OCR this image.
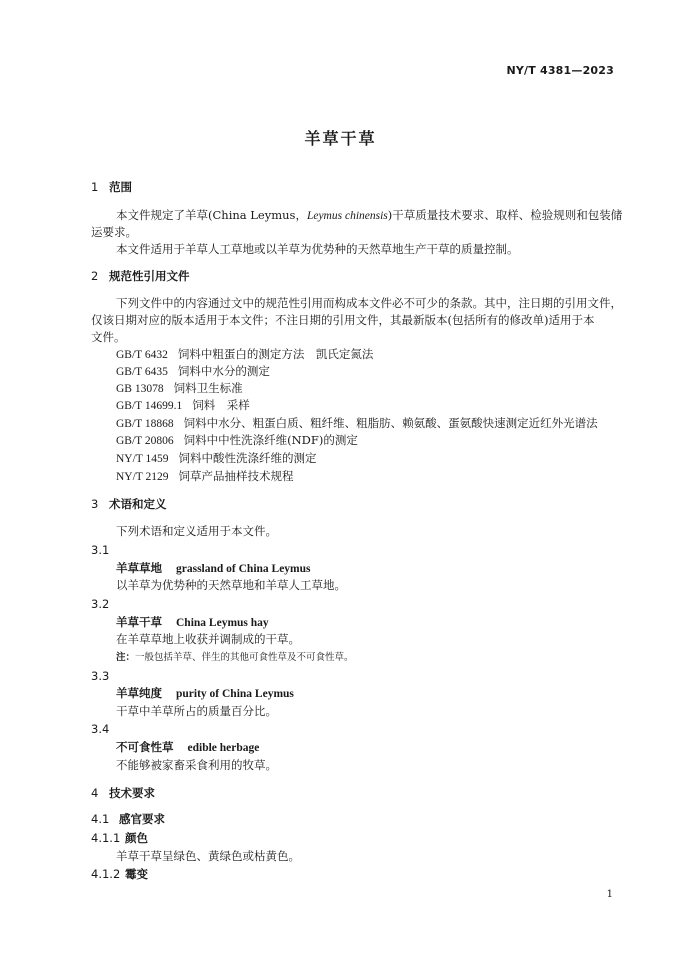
NY/T 4381—2023
羊草干草
1 范围
本文件规定了羊草(China Leymus，Leymus chinensis)干草质量技术要求、取样、检验规则和包装储
运要求。
本文件适用于羊草人工草地或以羊草为优势种的天然草地生产干草的质量控制。
2 规范性引用文件
下列文件中的内容通过文中的规范性引用而构成本文件必不可少的条款。其中，注日期的引用文件，
仅该日期对应的版本适用于本文件；不注日期的引用文件，其最新版本(包括所有的修改单)适用于本
文件。
GB/T 6432 饲料中粗蛋白的测定方法　凯氏定氮法
GB/T 6435 饲料中水分的测定
GB 13078 饲料卫生标准
GB/T 14699.1 饲料　采样
GB/T 18868 饲料中水分、粗蛋白质、粗纤维、粗脂肪、赖氨酸、蛋氨酸快速测定近红外光谱法
GB/T 20806 饲料中中性洗涤纤维(NDF)的测定
NY/T 1459 饲料中酸性洗涤纤维的测定
NY/T 2129 饲草产品抽样技术规程
3 术语和定义
下列术语和定义适用于本文件。
3.1
羊草草地 grassland of China Leymus
以羊草为优势种的天然草地和羊草人工草地。
3.2
羊草干草 China Leymus hay
在羊草草地上收获并调制成的干草。
注：一般包括羊草、伴生的其他可食性草及不可食性草。
3.3
羊草纯度 purity of China Leymus
干草中羊草所占的质量百分比。
3.4
不可食性草 edible herbage
不能够被家畜采食利用的牧草。
4 技术要求
4.1 感官要求
4.1.1 颜色
羊草干草呈绿色、黄绿色或枯黄色。
4.1.2 霉变
1
